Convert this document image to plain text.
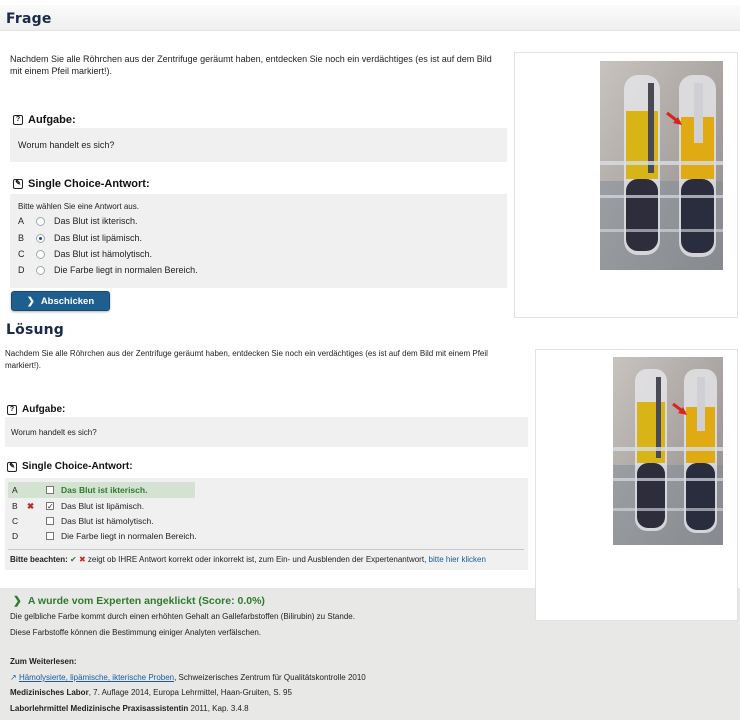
Frage
Nachdem Sie alle Röhrchen aus der Zentrifuge geräumt haben, entdecken Sie noch ein verdächtiges (es ist auf dem Bild mit einem Pfeil markiert!).
? Aufgabe:
Worum handelt es sich?
✎ Single Choice-Antwort:
Bitte wählen Sie eine Antwort aus.
A	Das Blut ist ikterisch.
B	Das Blut ist lipämisch.
C	Das Blut ist hämolytisch.
D	Die Farbe liegt in normalen Bereich.
❯ Abschicken
Lösung
Nachdem Sie alle Röhrchen aus der Zentrifuge geräumt haben, entdecken Sie noch ein verdächtiges (es ist auf dem Bild mit einem Pfeil markiert!).
? Aufgabe:
Worum handelt es sich?
✎ Single Choice-Antwort:
A	Das Blut ist ikterisch.
B	✖	✓ Das Blut ist lipämisch.
C	Das Blut ist hämolytisch.
D	Die Farbe liegt in normalen Bereich.
Bitte beachten: ✔ ✖ zeigt ob IHRE Antwort korrekt oder inkorrekt ist, zum Ein- und Ausblenden der Expertenantwort, bitte hier klicken
❯ A wurde vom Experten angeklickt (Score: 0.0%)
Die gelbliche Farbe kommt durch einen erhöhten Gehalt an Gallefarbstoffen (Bilirubin) zu Stande.
Diese Farbstoffe können die Bestimmung einiger Analyten verfälschen.
Zum Weiterlesen:
↗ Hämolysierte, lipämische, ikterische Proben, Schweizerisches Zentrum für Qualitätskontrolle 2010
Medizinisches Labor, 7. Auflage 2014, Europa Lehrmittel, Haan-Gruiten, S. 95
Laborlehrmittel Medizinische Praxisassistentin 2011, Kap. 3.4.8
